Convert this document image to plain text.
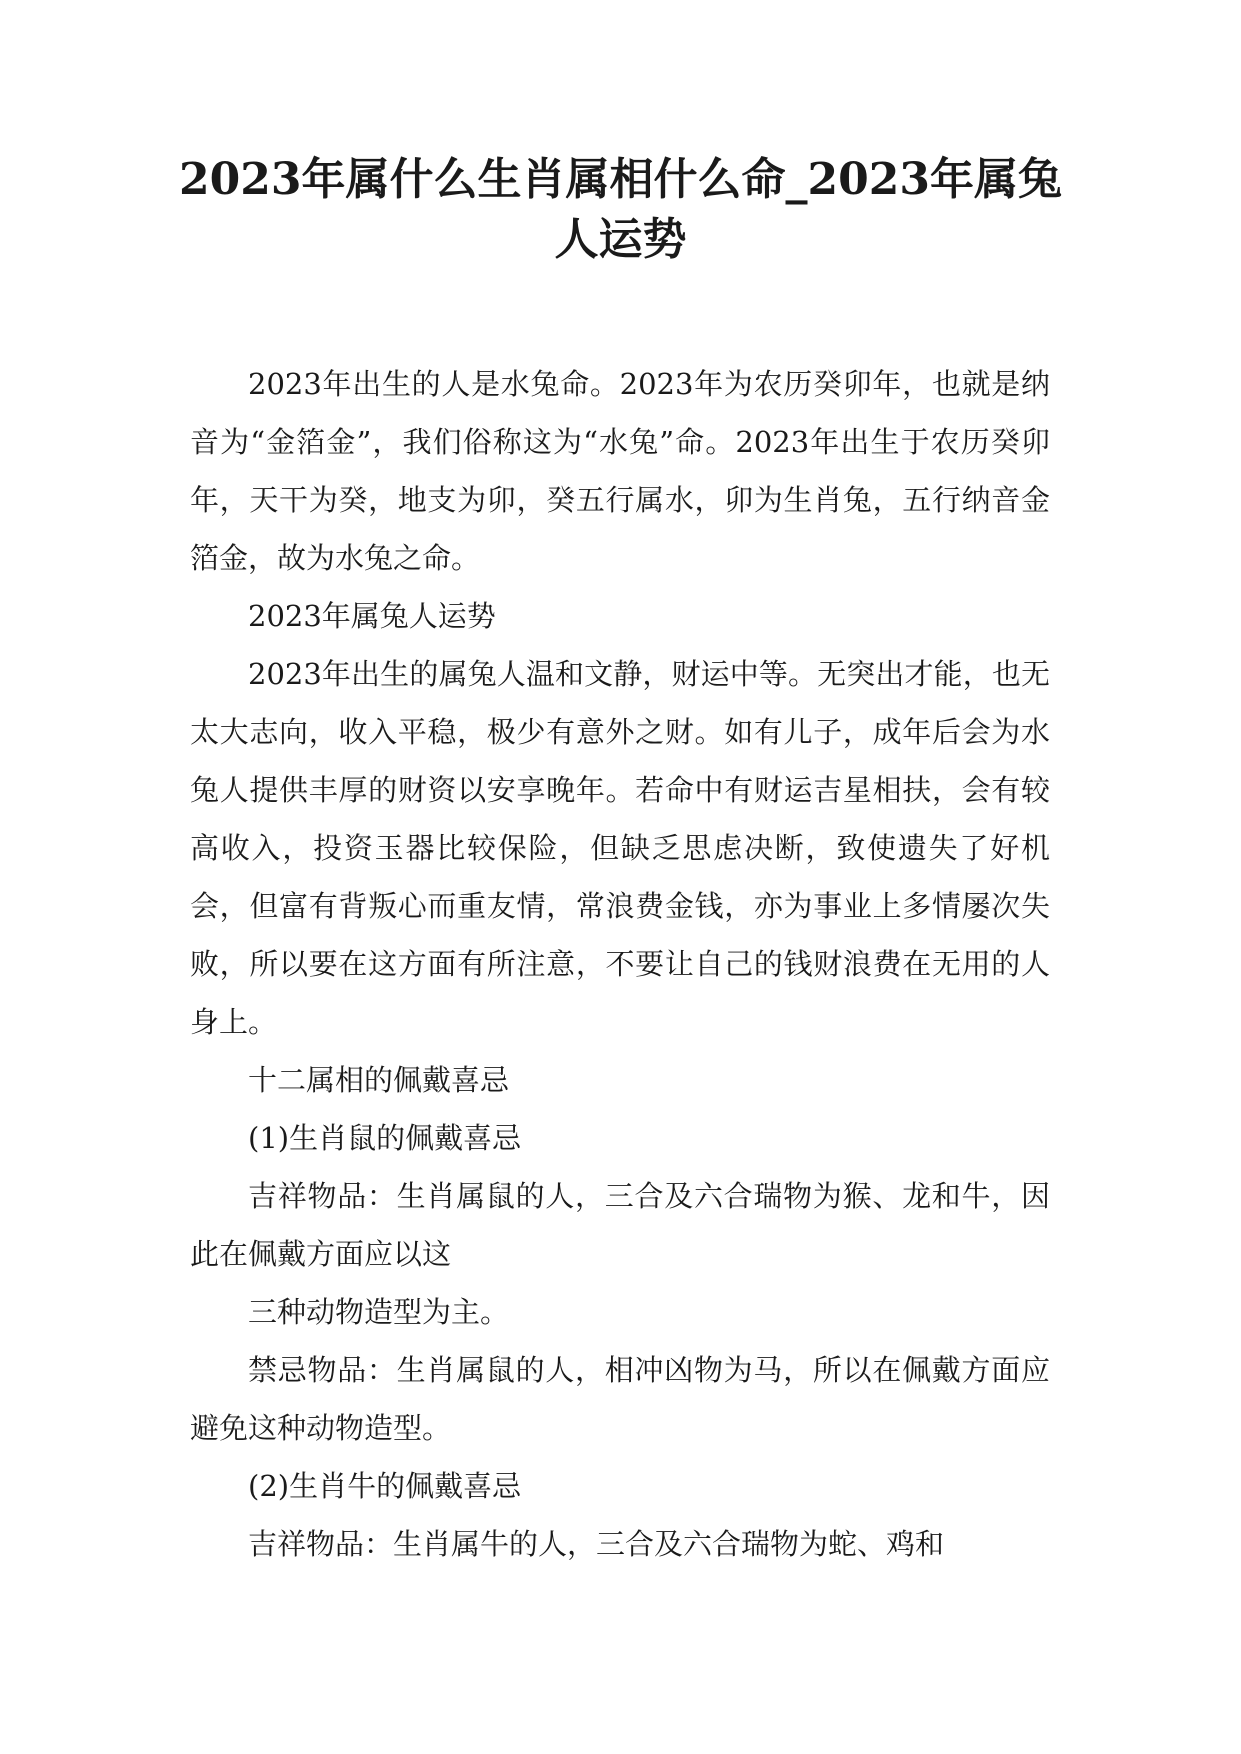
2023年属什么生肖属相什么命_2023年属兔人运势

2023年出生的人是水兔命。2023年为农历癸卯年，也就是纳音为“金箔金”，我们俗称这为“水兔”命。2023年出生于农历癸卯年，天干为癸，地支为卯，癸五行属水，卯为生肖兔，五行纳音金箔金，故为水兔之命。

2023年属兔人运势

2023年出生的属兔人温和文静，财运中等。无突出才能，也无太大志向，收入平稳，极少有意外之财。如有儿子，成年后会为水兔人提供丰厚的财资以安享晚年。若命中有财运吉星相扶，会有较高收入，投资玉器比较保险，但缺乏思虑决断，致使遗失了好机会，但富有背叛心而重友情，常浪费金钱，亦为事业上多情屡次失败，所以要在这方面有所注意，不要让自己的钱财浪费在无用的人身上。

十二属相的佩戴喜忌

(1)生肖鼠的佩戴喜忌

吉祥物品：生肖属鼠的人，三合及六合瑞物为猴、龙和牛，因此在佩戴方面应以这

三种动物造型为主。

禁忌物品：生肖属鼠的人，相冲凶物为马，所以在佩戴方面应避免这种动物造型。

(2)生肖牛的佩戴喜忌

吉祥物品：生肖属牛的人，三合及六合瑞物为蛇、鸡和
